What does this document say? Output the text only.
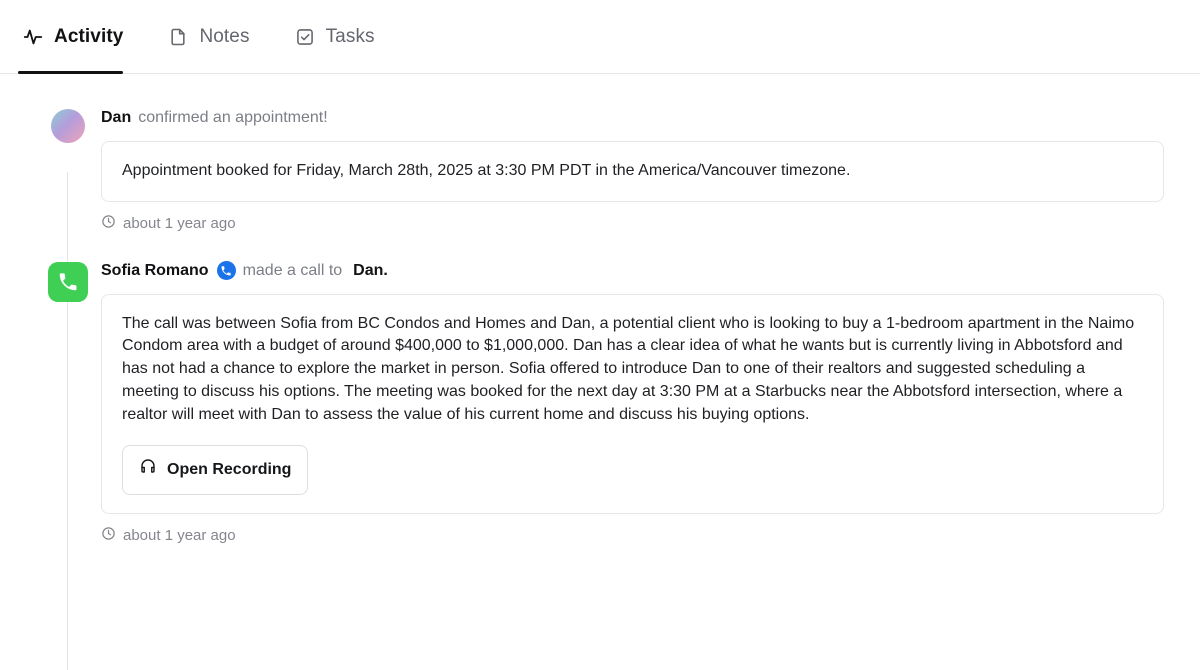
Activity	Notes	Tasks
Dan confirmed an appointment!

Appointment booked for Friday, March 28th, 2025 at 3:30 PM PDT in the America/Vancouver timezone.

about 1 year ago
Sofia Romano made a call to Dan.

The call was between Sofia from BC Condos and Homes and Dan, a potential client who is looking to buy a 1-bedroom apartment in the Naimo Condom area with a budget of around $400,000 to $1,000,000. Dan has a clear idea of what he wants but is currently living in Abbotsford and has not had a chance to explore the market in person. Sofia offered to introduce Dan to one of their realtors and suggested scheduling a meeting to discuss his options. The meeting was booked for the next day at 3:30 PM at a Starbucks near the Abbotsford intersection, where a realtor will meet with Dan to assess the value of his current home and discuss his buying options.

Open Recording
about 1 year ago
